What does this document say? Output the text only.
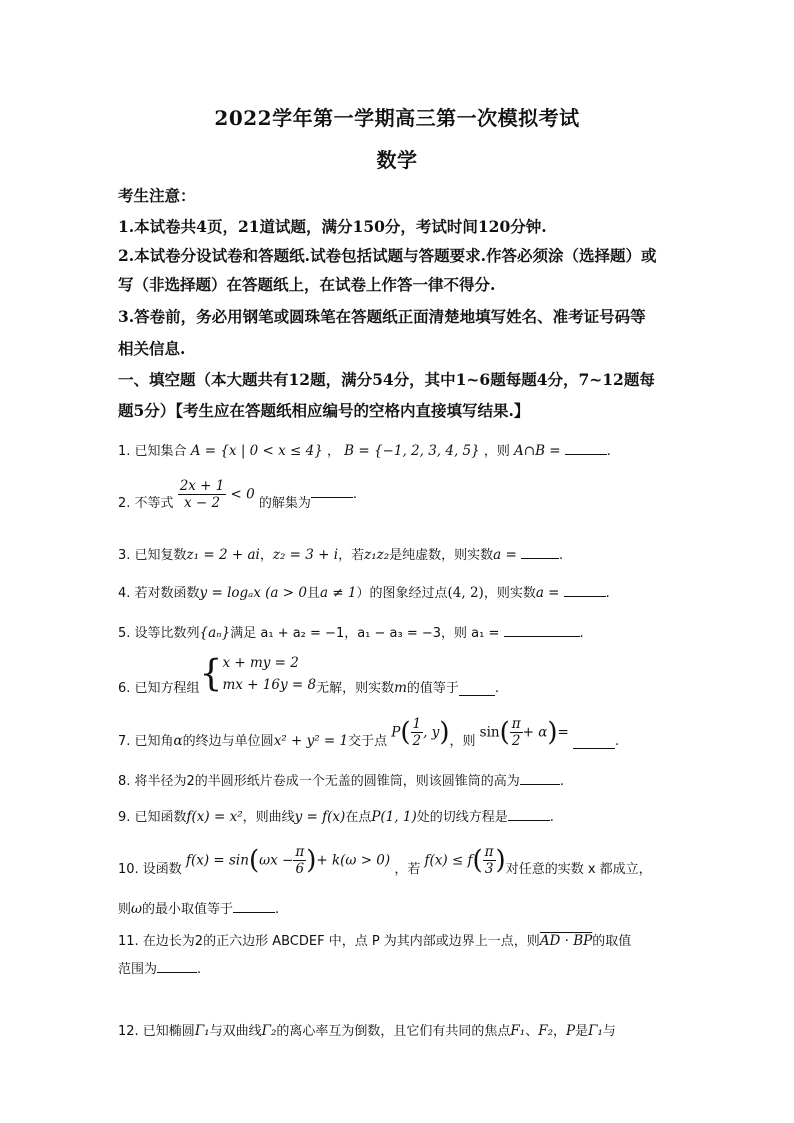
2022学年第一学期高三第一次模拟考试
数学
考生注意：
1.本试卷共4页，21道试题，满分150分，考试时间120分钟.
2.本试卷分设试卷和答题纸.试卷包括试题与答题要求.作答必须涂（选择题）或
写（非选择题）在答题纸上，在试卷上作答一律不得分.
3.答卷前，务必用钢笔或圆珠笔在答题纸正面清楚地填写姓名、准考证号码等
相关信息.
一、填空题（本大题共有12题，满分54分，其中1~6题每题4分，7~12题每
题5分）【考生应在答题纸相应编号的空格内直接填写结果.】
1. 已知集合 A = {x | 0 < x ≤ 4} ， B = {−1, 2, 3, 4, 5} ，则 A∩B =	.
2. 不等式 $\frac{2x + 1}{x - 2} < 0$ 的解集为.
3. 已知复数z₁ = 2 + ai，z₂ = 3 + i，若z₁z₂是纯虚数，则实数a =	.
4. 若对数函数y = logₐx (a > 0且a ≠ 1）的图象经过点(4, 2)，则实数a =	.
5. 设等比数列{aₙ}满足 a₁ + a₂ = −1，a₁ − a₃ = −3，则 a₁ =	.
6. 已知方程组{ x + my = 2
mx + 16y = 8 无解，则实数m的值等于	.
7. 已知角α的终边与单位圆x² + y² = 1交于点 $P( \frac{1}{2}$ , y)，则 $\sin( \frac{\pi}{2} + \alpha)=$ .
8. 将半径为2的半圆形纸片卷成一个无盖的圆锥筒，则该圆锥筒的高为	.
9. 已知函数f(x) = x²，则曲线y = f(x)在点P(1, 1)处的切线方程是	.
10. 设函数 $f(x) = \sin(\omega x - \frac{\pi}{6}$ )+ k(ω > 0) ，若 $f(x) \le f( \frac{\pi}{3}$ )对任意的实数 x 都成立，
则ω的最小取值等于	.
11. 在边长为2的正六边形 ABCDEF 中，点 P 为其内部或边界上一点，则AD · BP的取值
范围为	.
12. 已知椭圆Γ₁与双曲线Γ₂的离心率互为倒数，且它们有共同的焦点F₁、F₂，P是Γ₁与
